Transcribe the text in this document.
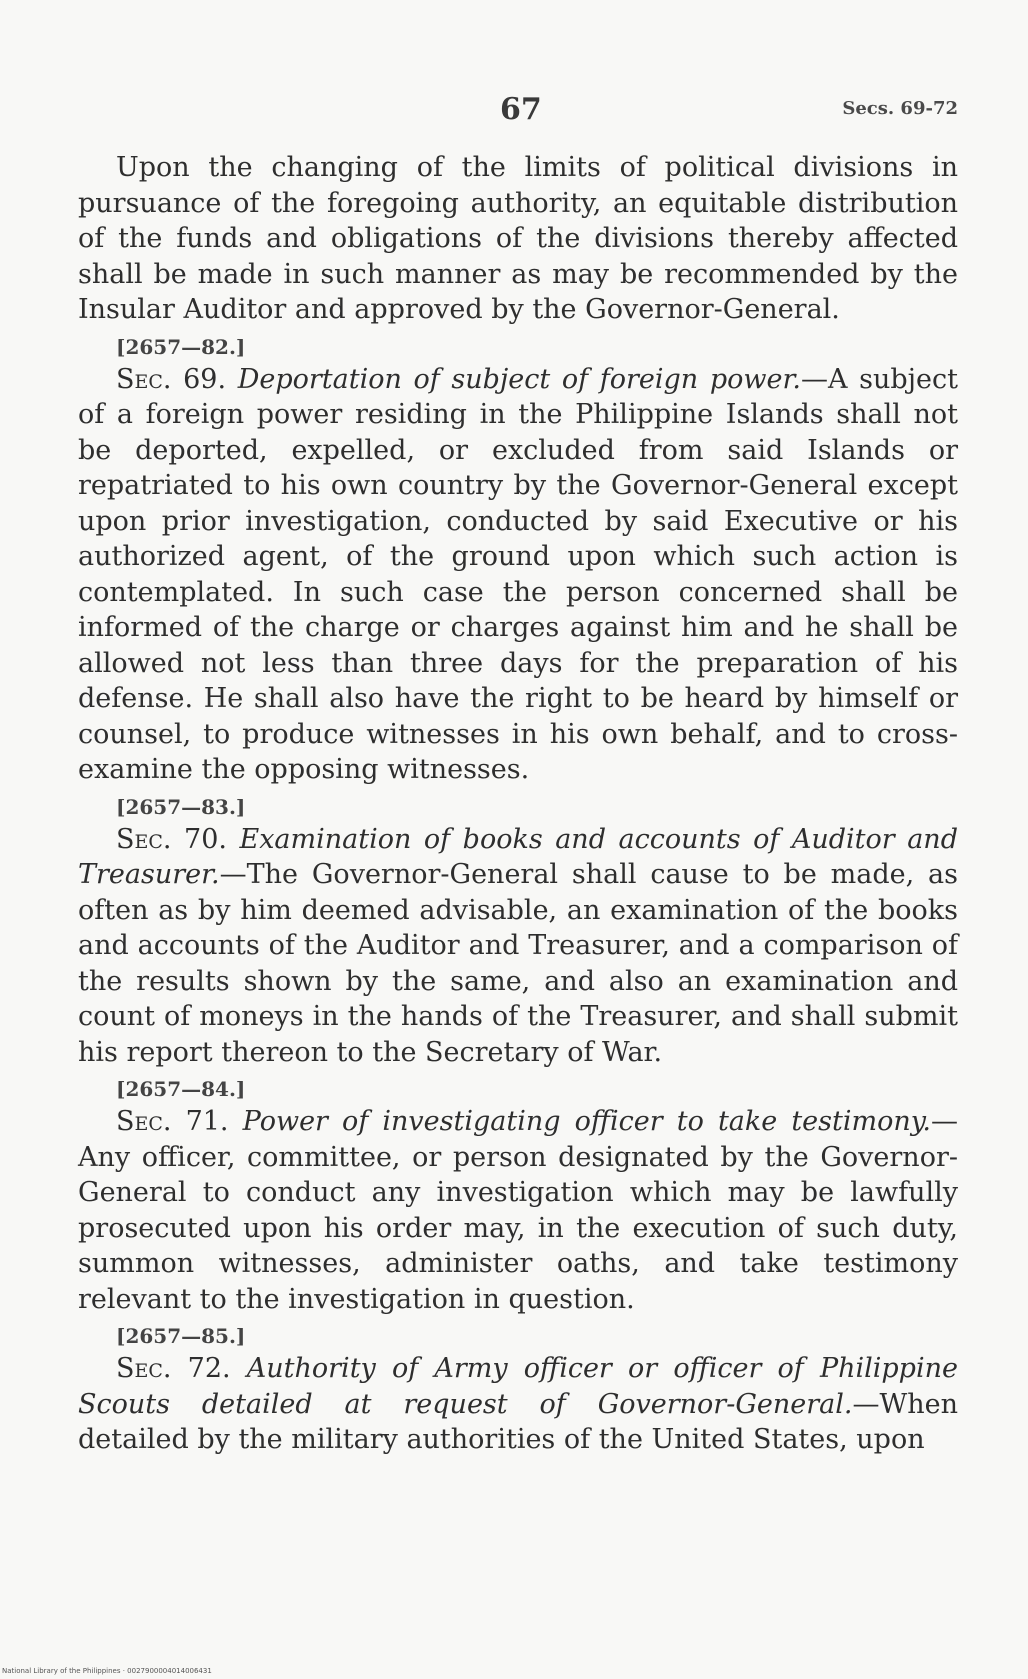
67	Secs. 69-72

Upon the changing of the limits of political divisions in pursuance of the foregoing authority, an equitable distribution of the funds and obligations of the divisions thereby affected shall be made in such manner as may be recommended by the Insular Auditor and approved by the Governor-General.

[2657—82.]

Sec. 69. Deportation of subject of foreign power.—A subject of a foreign power residing in the Philippine Islands shall not be deported, expelled, or excluded from said Islands or repatriated to his own country by the Governor-General except upon prior investigation, conducted by said Executive or his authorized agent, of the ground upon which such action is contemplated. In such case the person concerned shall be informed of the charge or charges against him and he shall be allowed not less than three days for the preparation of his defense. He shall also have the right to be heard by himself or counsel, to produce witnesses in his own behalf, and to cross-examine the opposing witnesses.

[2657—83.]

Sec. 70. Examination of books and accounts of Auditor and Treasurer.—The Governor-General shall cause to be made, as often as by him deemed advisable, an examination of the books and accounts of the Auditor and Treasurer, and a comparison of the results shown by the same, and also an examination and count of moneys in the hands of the Treasurer, and shall submit his report thereon to the Secretary of War.

[2657—84.]

Sec. 71. Power of investigating officer to take testimony.—Any officer, committee, or person designated by the Governor-General to conduct any investigation which may be lawfully prosecuted upon his order may, in the execution of such duty, summon witnesses, administer oaths, and take testimony relevant to the investigation in question.

[2657—85.]

Sec. 72. Authority of Army officer or officer of Philippine Scouts detailed at request of Governor-General.—When detailed by the military authorities of the United States, upon

National Library of the Philippines · 0027900004014006431
